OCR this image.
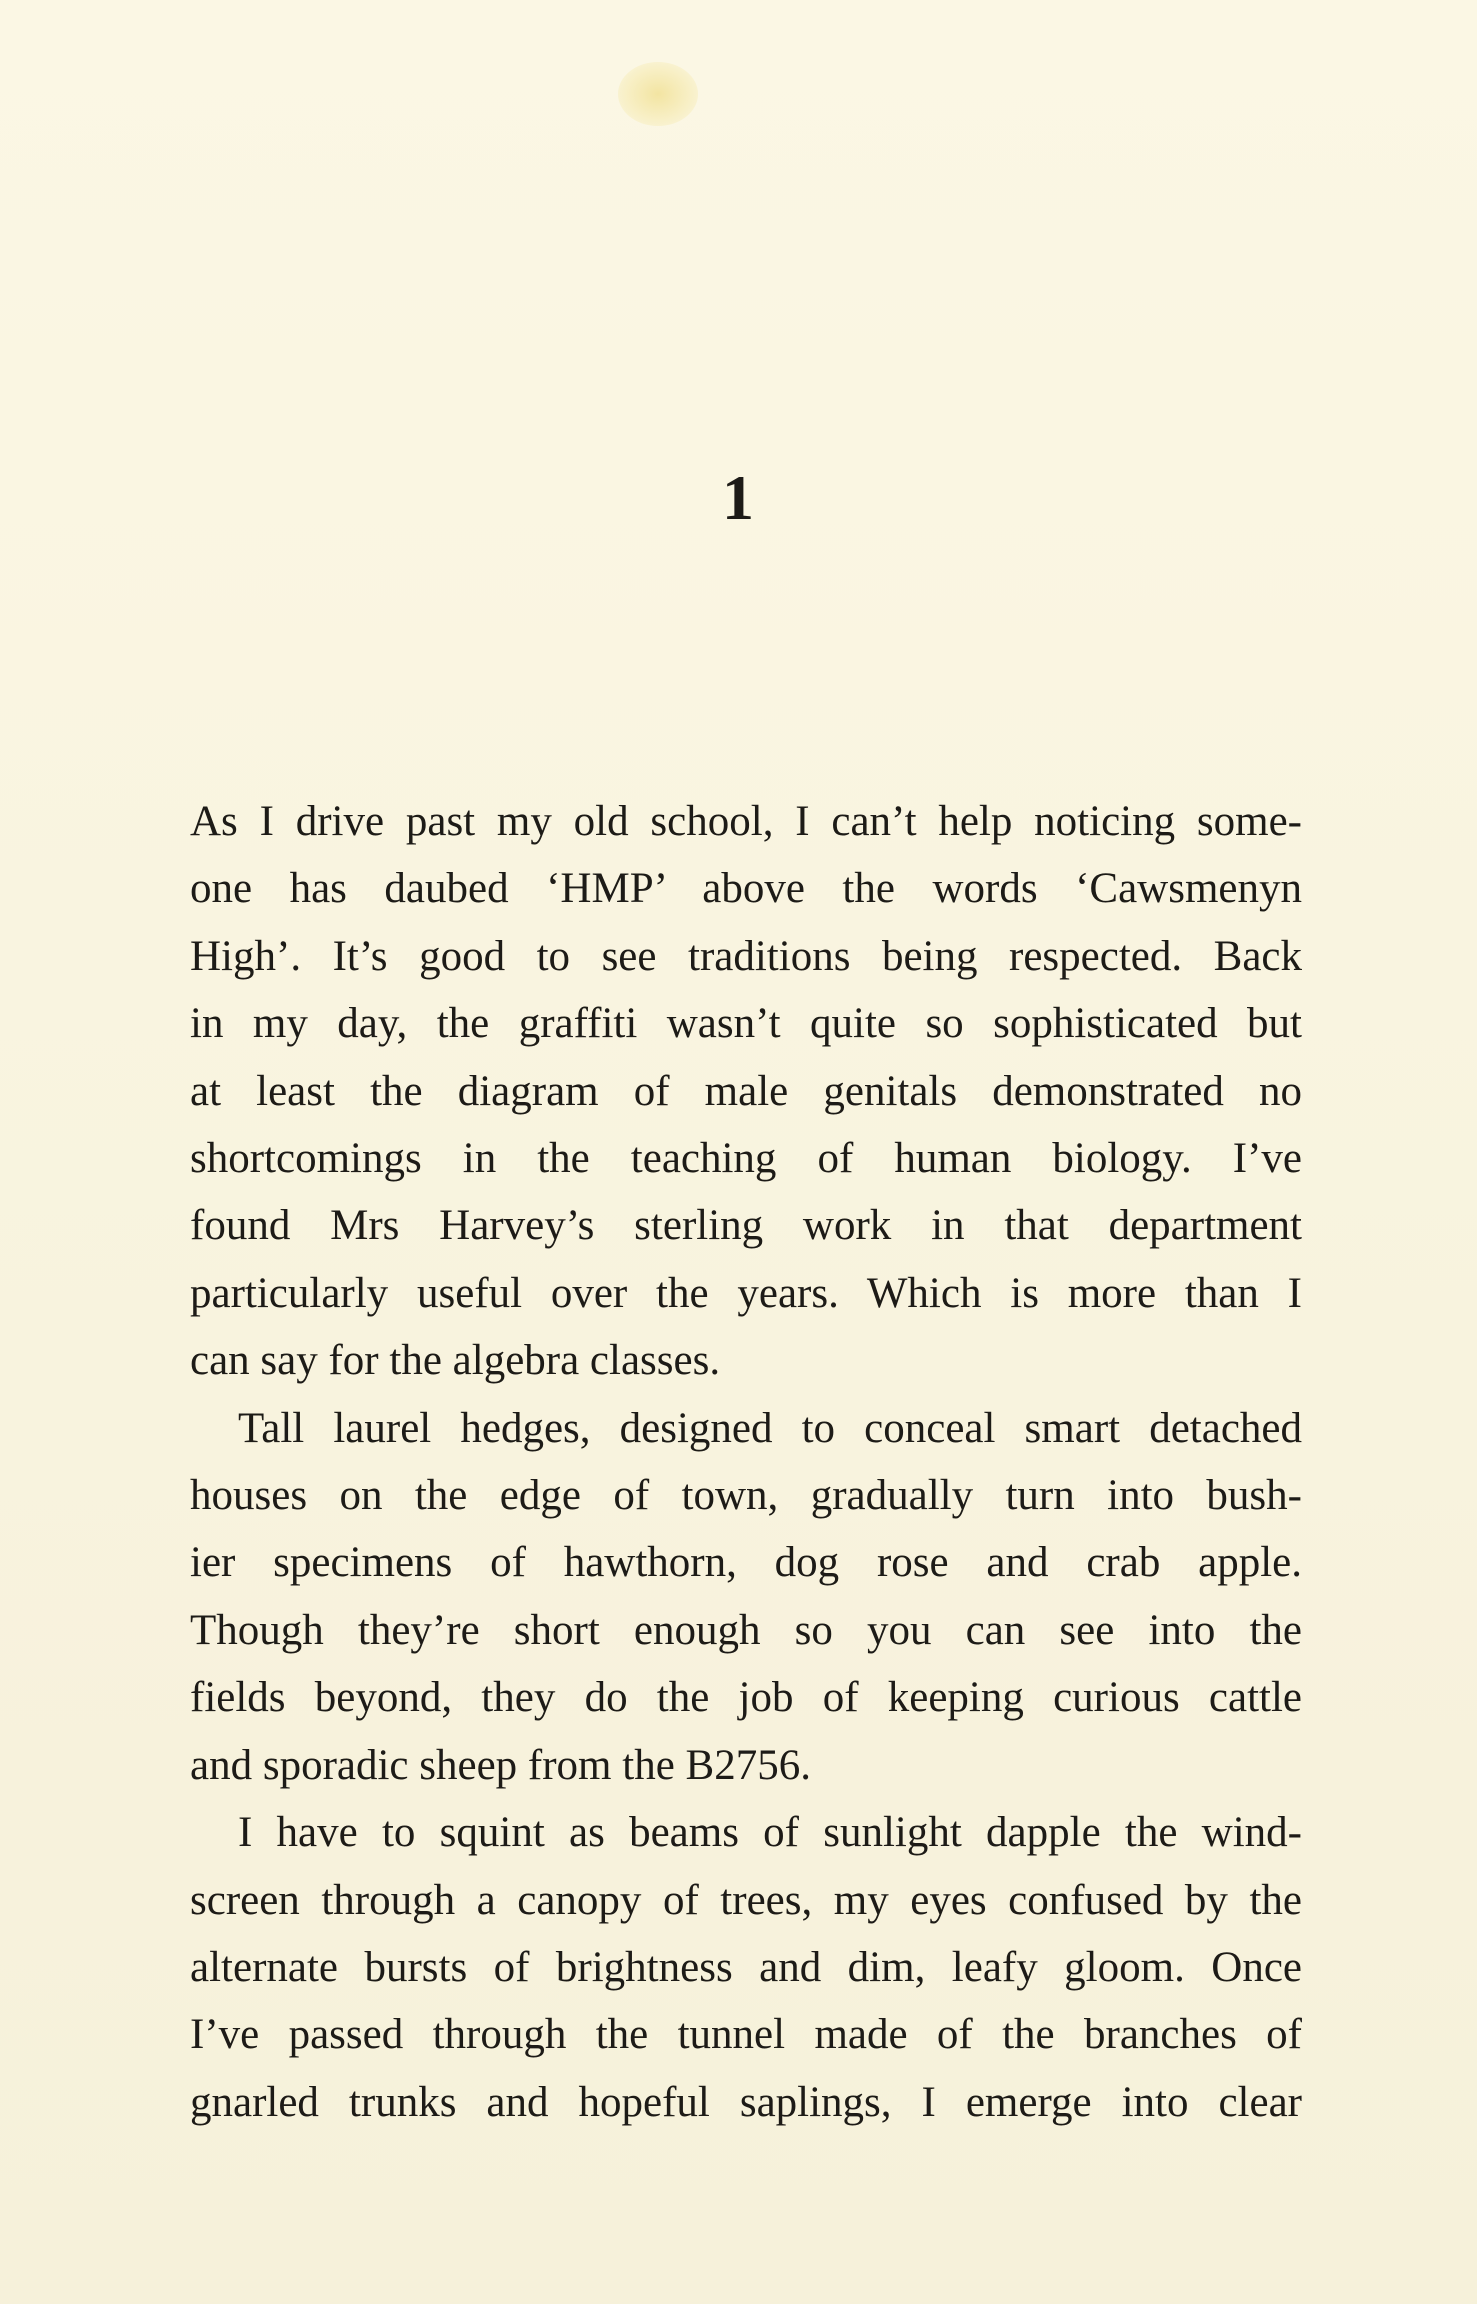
1

As I drive past my old school, I can’t help noticing some-
one has daubed ‘HMP’ above the words ‘Cawsmenyn
High’. It’s good to see traditions being respected. Back
in my day, the graffiti wasn’t quite so sophisticated but
at least the diagram of male genitals demonstrated no
shortcomings in the teaching of human biology. I’ve
found Mrs Harvey’s sterling work in that department
particularly useful over the years. Which is more than I
can say for the algebra classes.

Tall laurel hedges, designed to conceal smart detached
houses on the edge of town, gradually turn into bush-
ier specimens of hawthorn, dog rose and crab apple.
Though they’re short enough so you can see into the
fields beyond, they do the job of keeping curious cattle
and sporadic sheep from the B2756.

I have to squint as beams of sunlight dapple the wind-
screen through a canopy of trees, my eyes confused by the
alternate bursts of brightness and dim, leafy gloom. Once
I’ve passed through the tunnel made of the branches of
gnarled trunks and hopeful saplings, I emerge into clear
